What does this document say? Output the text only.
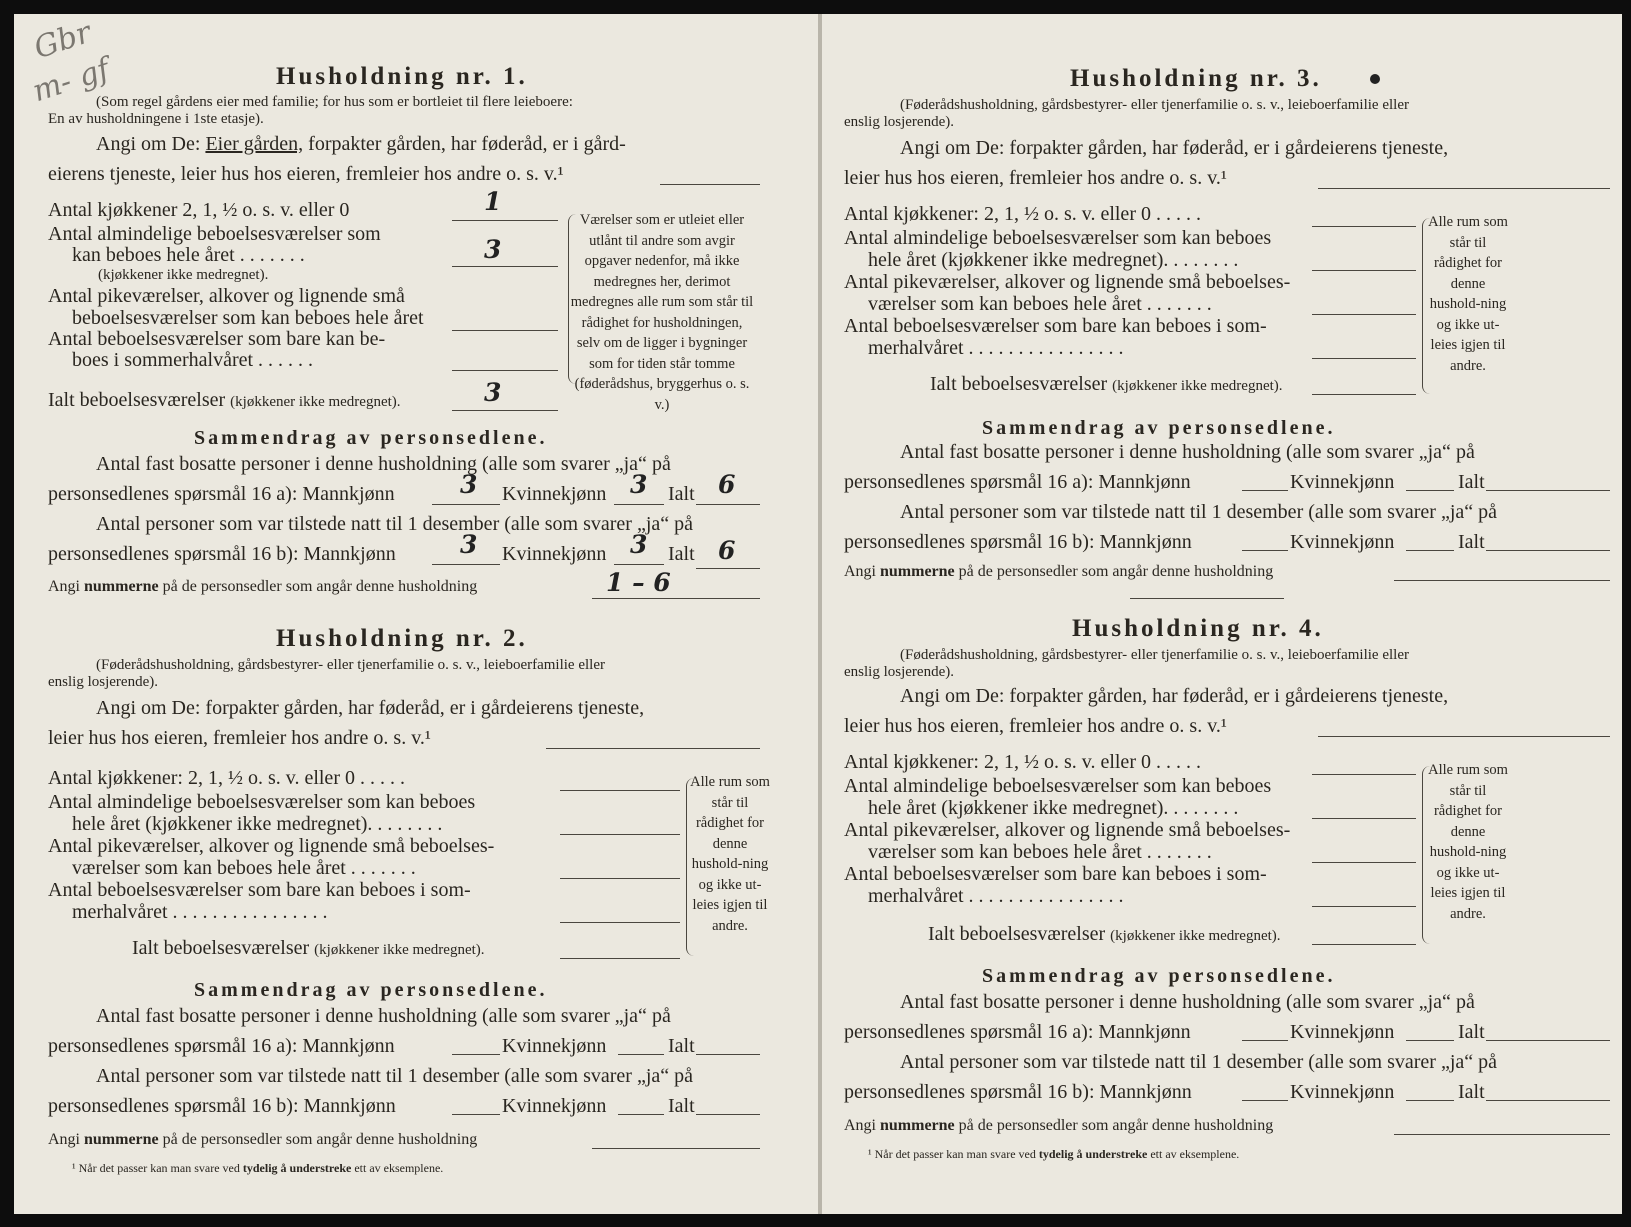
Gbr
m- gf	Husholdning nr. 1.
(Som regel gårdens eier med familie; for hus som er bortleiet til flere leieboere:
En av husholdningene i 1ste etasje).
Angi om De: Eier gården, forpakter gården, har føderåd, er i gård-
eierens tjeneste, leier hus hos eieren, fremleier hos andre o. s. v.¹
Antal kjøkkener 2, 1, ½ o. s. v. eller 0	1
Antal almindelige beboelsesværelser som
kan beboes hele året . . . . . . .
(kjøkkener ikke medregnet).
3
Antal pikeværelser, alkover og lignende små
beboelsesværelser som kan beboes hele året
Antal beboelsesværelser som bare kan be-
boes i sommerhalvåret . . . . . .
Ialt beboelsesværelser (kjøkkener ikke medregnet).	3
Værelser som er utleiet eller utlånt til andre som avgir opgaver nedenfor, må ikke medregnes her, derimot medregnes alle rum som står til rådighet for husholdningen, selv om de ligger i bygninger som for tiden står tomme (føderådshus, bryggerhus o. s. v.)
Sammendrag av personsedlene.
Antal fast bosatte personer i denne husholdning (alle som svarer „ja“ på
personsedlenes spørsmål 16 a): Mannkjønn	3 Kvinnekjønn 3 Ialt 6
Antal personer som var tilstede natt til 1 desember (alle som svarer „ja“ på
personsedlenes spørsmål 16 b): Mannkjønn	3 Kvinnekjønn 3 Ialt 6
Angi nummerne på de personsedler som angår denne husholdning	1 – 6
Husholdning nr. 2.
(Føderådshusholdning, gårdsbestyrer- eller tjenerfamilie o. s. v., leieboerfamilie eller
enslig losjerende).
Angi om De: forpakter gården, har føderåd, er i gårdeierens tjeneste,
leier hus hos eieren, fremleier hos andre o. s. v.¹
Antal kjøkkener: 2, 1, ½ o. s. v. eller 0 . . . . .
Antal almindelige beboelsesværelser som kan beboes
hele året (kjøkkener ikke medregnet). . . . . . . .
Antal pikeværelser, alkover og lignende små beboelses-
værelser som kan beboes hele året . . . . . . .
Antal beboelsesværelser som bare kan beboes i som-
merhalvåret . . . . . . . . . . . . . . . .
Ialt beboelsesværelser (kjøkkener ikke medregnet).
Alle rum som står til rådighet for denne hushold-ning og ikke ut-leies igjen til andre.
Sammendrag av personsedlene.
Antal fast bosatte personer i denne husholdning (alle som svarer „ja“ på
personsedlenes spørsmål 16 a): Mannkjønn	Kvinnekjønn	Ialt
Antal personer som var tilstede natt til 1 desember (alle som svarer „ja“ på
personsedlenes spørsmål 16 b): Mannkjønn	Kvinnekjønn	Ialt
Angi nummerne på de personsedler som angår denne husholdning
¹ Når det passer kan man svare ved tydelig å understreke ett av eksemplene.
Husholdning nr. 3.
(Føderådshusholdning, gårdsbestyrer- eller tjenerfamilie o. s. v., leieboerfamilie eller
enslig losjerende).
Angi om De: forpakter gården, har føderåd, er i gårdeierens tjeneste,
leier hus hos eieren, fremleier hos andre o. s. v.¹
Antal kjøkkener: 2, 1, ½ o. s. v. eller 0 . . . . .
Antal almindelige beboelsesværelser som kan beboes
hele året (kjøkkener ikke medregnet). . . . . . . .
Antal pikeværelser, alkover og lignende små beboelses-
værelser som kan beboes hele året . . . . . . .
Antal beboelsesværelser som bare kan beboes i som-
merhalvåret . . . . . . . . . . . . . . . .
Ialt beboelsesværelser (kjøkkener ikke medregnet).
Alle rum som står til rådighet for denne hushold-ning og ikke ut-leies igjen til andre.
Sammendrag av personsedlene.
Antal fast bosatte personer i denne husholdning (alle som svarer „ja“ på
personsedlenes spørsmål 16 a): Mannkjønn	Kvinnekjønn	Ialt
Antal personer som var tilstede natt til 1 desember (alle som svarer „ja“ på
personsedlenes spørsmål 16 b): Mannkjønn	Kvinnekjønn	Ialt
Angi nummerne på de personsedler som angår denne husholdning
Husholdning nr. 4.
(Føderådshusholdning, gårdsbestyrer- eller tjenerfamilie o. s. v., leieboerfamilie eller
enslig losjerende).
Angi om De: forpakter gården, har føderåd, er i gårdeierens tjeneste,
leier hus hos eieren, fremleier hos andre o. s. v.¹
Antal kjøkkener: 2, 1, ½ o. s. v. eller 0 . . . . .
Antal almindelige beboelsesværelser som kan beboes
hele året (kjøkkener ikke medregnet). . . . . . . .
Antal pikeværelser, alkover og lignende små beboelses-
værelser som kan beboes hele året . . . . . . .
Antal beboelsesværelser som bare kan beboes i som-
merhalvåret . . . . . . . . . . . . . . . .
Ialt beboelsesværelser (kjøkkener ikke medregnet).
Alle rum som står til rådighet for denne hushold-ning og ikke ut-leies igjen til andre.
Sammendrag av personsedlene.
Antal fast bosatte personer i denne husholdning (alle som svarer „ja“ på
personsedlenes spørsmål 16 a): Mannkjønn	Kvinnekjønn	Ialt
Antal personer som var tilstede natt til 1 desember (alle som svarer „ja“ på
personsedlenes spørsmål 16 b): Mannkjønn	Kvinnekjønn	Ialt
Angi nummerne på de personsedler som angår denne husholdning
¹ Når det passer kan man svare ved tydelig å understreke ett av eksemplene.
